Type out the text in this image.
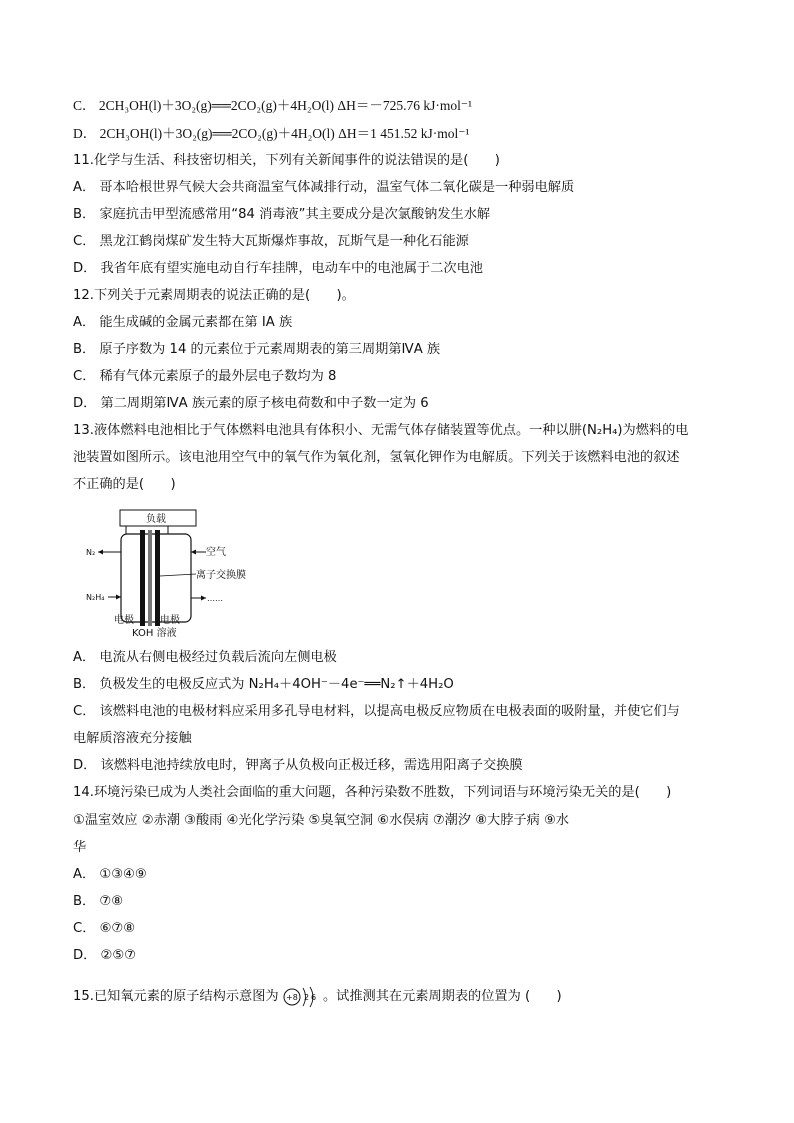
C． 2CH₃OH(l)＋3O₂(g)══2CO₂(g)＋4H₂O(l) ΔH＝－725.76 kJ·mol⁻¹
D． 2CH₃OH(l)＋3O₂(g)══2CO₂(g)＋4H₂O(l) ΔH＝1 451.52 kJ·mol⁻¹
11.化学与生活、科技密切相关，下列有关新闻事件的说法错误的是(　　)
A． 哥本哈根世界气候大会共商温室气体减排行动，温室气体二氧化碳是一种弱电解质
B． 家庭抗击甲型流感常用“84 消毒液”其主要成分是次氯酸钠发生水解
C． 黑龙江鹤岗煤矿发生特大瓦斯爆炸事故，瓦斯气是一种化石能源
D． 我省年底有望实施电动自行车挂牌，电动车中的电池属于二次电池
12.下列关于元素周期表的说法正确的是(　　)。
A． 能生成碱的金属元素都在第 ⅠA 族
B． 原子序数为 14 的元素位于元素周期表的第三周期第ⅣA 族
C． 稀有气体元素原子的最外层电子数均为 8
D． 第二周期第ⅣA 族元素的原子核电荷数和中子数一定为 6
13.液体燃料电池相比于气体燃料电池具有体积小、无需气体存储装置等优点。一种以肼(N₂H₄)为燃料的电
池装置如图所示。该电池用空气中的氧气作为氧化剂，氢氧化钾作为电解质。下列关于该燃料电池的叙述
不正确的是(　　)
负载
N₂
N₂H₄
空气
离子交换膜
……
电极	电极
KOH 溶液
A． 电流从右侧电极经过负载后流向左侧电极
B． 负极发生的电极反应式为 N₂H₄＋4OH⁻－4e⁻══N₂↑＋4H₂O
C． 该燃料电池的电极材料应采用多孔导电材料，以提高电极反应物质在电极表面的吸附量，并使它们与
电解质溶液充分接触
D． 该燃料电池持续放电时，钾离子从负极向正极迁移，需选用阳离子交换膜
14.环境污染已成为人类社会面临的重大问题，各种污染数不胜数，下列词语与环境污染无关的是(　　)
①温室效应 ②赤潮 ③酸雨 ④光化学污染 ⑤臭氧空洞 ⑥水俣病 ⑦潮汐 ⑧大脖子病 ⑨水
华
A． ①③④⑨
B． ⑦⑧
C． ⑥⑦⑧
D． ②⑤⑦
15.已知氧元素的原子结构示意图为 +8 2 6 。试推测其在元素周期表的位置为 (　　)
